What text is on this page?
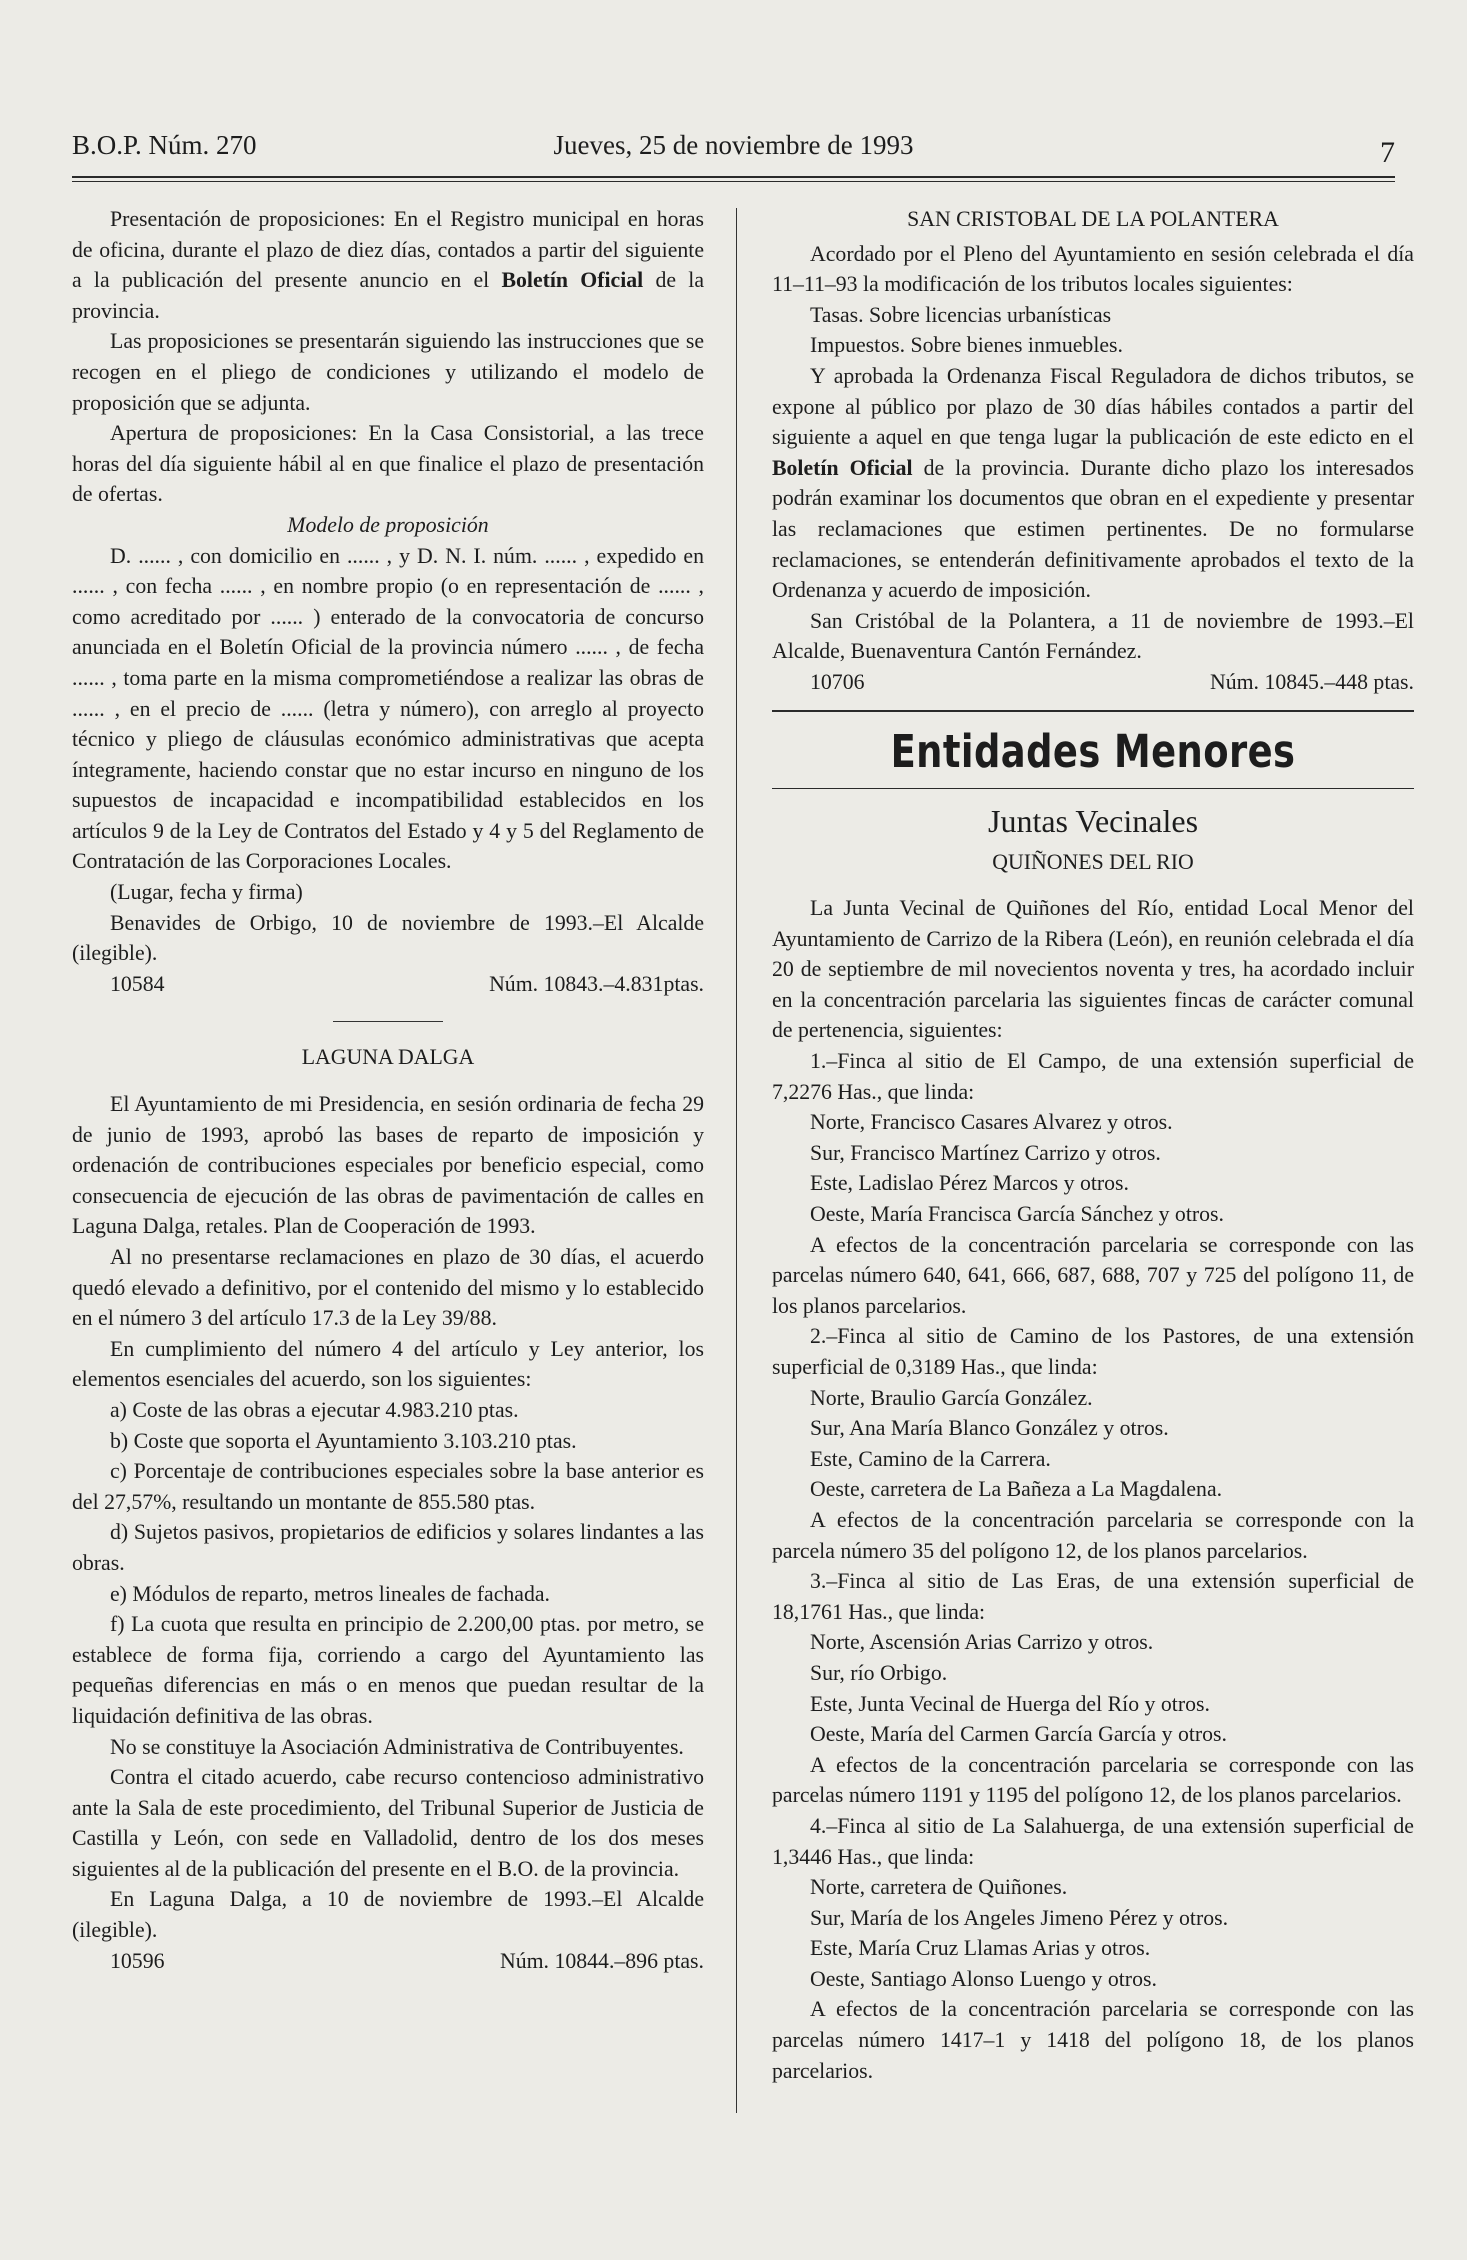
B.O.P. Núm. 270	Jueves, 25 de noviembre de 1993	7

Presentación de proposiciones: En el Registro municipal en horas de oficina, durante el plazo de diez días, contados a partir del siguiente a la publicación del presente anuncio en el Boletín Oficial de la provincia.

Las proposiciones se presentarán siguiendo las instrucciones que se recogen en el pliego de condiciones y utilizando el modelo de proposición que se adjunta.

Apertura de proposiciones: En la Casa Consistorial, a las trece horas del día siguiente hábil al en que finalice el plazo de presentación de ofertas.

Modelo de proposición

D. ...... , con domicilio en ...... , y D. N. I. núm. ...... , expedido en ...... , con fecha ...... , en nombre propio (o en representación de ...... , como acreditado por ...... ) enterado de la convocatoria de concurso anunciada en el Boletín Oficial de la provincia número ...... , de fecha ...... , toma parte en la misma comprometiéndose a realizar las obras de ...... , en el precio de ...... (letra y número), con arreglo al proyecto técnico y pliego de cláusulas económico administrativas que acepta íntegramente, haciendo constar que no estar incurso en ninguno de los supuestos de incapacidad e incompatibilidad establecidos en los artículos 9 de la Ley de Contratos del Estado y 4 y 5 del Reglamento de Contratación de las Corporaciones Locales.

(Lugar, fecha y firma)

Benavides de Orbigo, 10 de noviembre de 1993.–El Alcalde (ilegible).

10584	Núm. 10843.–4.831ptas.

LAGUNA DALGA

El Ayuntamiento de mi Presidencia, en sesión ordinaria de fecha 29 de junio de 1993, aprobó las bases de reparto de imposición y ordenación de contribuciones especiales por beneficio especial, como consecuencia de ejecución de las obras de pavimentación de calles en Laguna Dalga, retales. Plan de Cooperación de 1993.

Al no presentarse reclamaciones en plazo de 30 días, el acuerdo quedó elevado a definitivo, por el contenido del mismo y lo establecido en el número 3 del artículo 17.3 de la Ley 39/88.

En cumplimiento del número 4 del artículo y Ley anterior, los elementos esenciales del acuerdo, son los siguientes:

a) Coste de las obras a ejecutar 4.983.210 ptas.

b) Coste que soporta el Ayuntamiento 3.103.210 ptas.

c) Porcentaje de contribuciones especiales sobre la base anterior es del 27,57%, resultando un montante de 855.580 ptas.

d) Sujetos pasivos, propietarios de edificios y solares lindantes a las obras.

e) Módulos de reparto, metros lineales de fachada.

f) La cuota que resulta en principio de 2.200,00 ptas. por metro, se establece de forma fija, corriendo a cargo del Ayuntamiento las pequeñas diferencias en más o en menos que puedan resultar de la liquidación definitiva de las obras.

No se constituye la Asociación Administrativa de Contribuyentes.

Contra el citado acuerdo, cabe recurso contencioso administrativo ante la Sala de este procedimiento, del Tribunal Superior de Justicia de Castilla y León, con sede en Valladolid, dentro de los dos meses siguientes al de la publicación del presente en el B.O. de la provincia.

En Laguna Dalga, a 10 de noviembre de 1993.–El Alcalde (ilegible).

10596	Núm. 10844.–896 ptas.

SAN CRISTOBAL DE LA POLANTERA

Acordado por el Pleno del Ayuntamiento en sesión celebrada el día 11–11–93 la modificación de los tributos locales siguientes:

Tasas. Sobre licencias urbanísticas

Impuestos. Sobre bienes inmuebles.

Y aprobada la Ordenanza Fiscal Reguladora de dichos tributos, se expone al público por plazo de 30 días hábiles contados a partir del siguiente a aquel en que tenga lugar la publicación de este edicto en el Boletín Oficial de la provincia. Durante dicho plazo los interesados podrán examinar los documentos que obran en el expediente y presentar las reclamaciones que estimen pertinentes. De no formularse reclamaciones, se entenderán definitivamente aprobados el texto de la Ordenanza y acuerdo de imposición.

San Cristóbal de la Polantera, a 11 de noviembre de 1993.–El Alcalde, Buenaventura Cantón Fernández.

10706	Núm. 10845.–448 ptas.
Entidades Menores
Juntas Vecinales

QUIÑONES DEL RIO

La Junta Vecinal de Quiñones del Río, entidad Local Menor del Ayuntamiento de Carrizo de la Ribera (León), en reunión celebrada el día 20 de septiembre de mil novecientos noventa y tres, ha acordado incluir en la concentración parcelaria las siguientes fincas de carácter comunal de pertenencia, siguientes:

1.–Finca al sitio de El Campo, de una extensión superficial de 7,2276 Has., que linda:

Norte, Francisco Casares Alvarez y otros.

Sur, Francisco Martínez Carrizo y otros.

Este, Ladislao Pérez Marcos y otros.

Oeste, María Francisca García Sánchez y otros.

A efectos de la concentración parcelaria se corresponde con las parcelas número 640, 641, 666, 687, 688, 707 y 725 del polígono 11, de los planos parcelarios.

2.–Finca al sitio de Camino de los Pastores, de una extensión superficial de 0,3189 Has., que linda:

Norte, Braulio García González.

Sur, Ana María Blanco González y otros.

Este, Camino de la Carrera.

Oeste, carretera de La Bañeza a La Magdalena.

A efectos de la concentración parcelaria se corresponde con la parcela número 35 del polígono 12, de los planos parcelarios.

3.–Finca al sitio de Las Eras, de una extensión superficial de 18,1761 Has., que linda:

Norte, Ascensión Arias Carrizo y otros.

Sur, río Orbigo.

Este, Junta Vecinal de Huerga del Río y otros.

Oeste, María del Carmen García García y otros.

A efectos de la concentración parcelaria se corresponde con las parcelas número 1191 y 1195 del polígono 12, de los planos parcelarios.

4.–Finca al sitio de La Salahuerga, de una extensión superficial de 1,3446 Has., que linda:

Norte, carretera de Quiñones.

Sur, María de los Angeles Jimeno Pérez y otros.

Este, María Cruz Llamas Arias y otros.

Oeste, Santiago Alonso Luengo y otros.

A efectos de la concentración parcelaria se corresponde con las parcelas número 1417–1 y 1418 del polígono 18, de los planos parcelarios.
